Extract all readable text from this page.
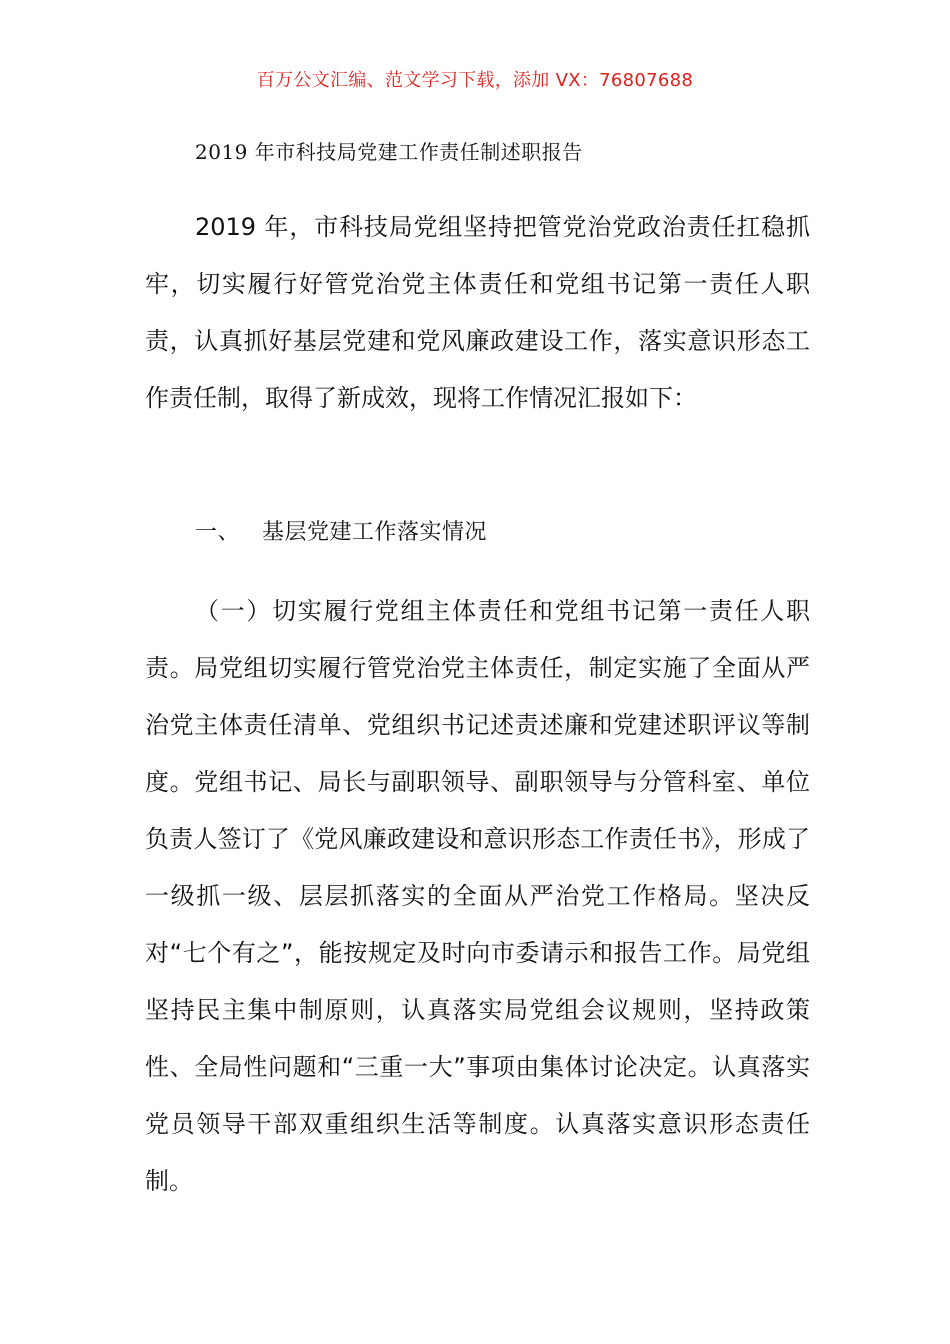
百万公文汇编、范文学习下载，添加 VX：76807688
2019 年市科技局党建工作责任制述职报告

2019 年，市科技局党组坚持把管党治党政治责任扛稳抓牢，切实履行好管党治党主体责任和党组书记第一责任人职责，认真抓好基层党建和党风廉政建设工作，落实意识形态工作责任制，取得了新成效，现将工作情况汇报如下：

一、 基层党建工作落实情况

（一）切实履行党组主体责任和党组书记第一责任人职责。局党组切实履行管党治党主体责任，制定实施了全面从严治党主体责任清单、党组织书记述责述廉和党建述职评议等制度。党组书记、局长与副职领导、副职领导与分管科室、单位负责人签订了《党风廉政建设和意识形态工作责任书》，形成了一级抓一级、层层抓落实的全面从严治党工作格局。坚决反对“七个有之”，能按规定及时向市委请示和报告工作。局党组坚持民主集中制原则，认真落实局党组会议规则，坚持政策性、全局性问题和“三重一大”事项由集体讨论决定。认真落实党员领导干部双重组织生活等制度。认真落实意识形态责任制。
